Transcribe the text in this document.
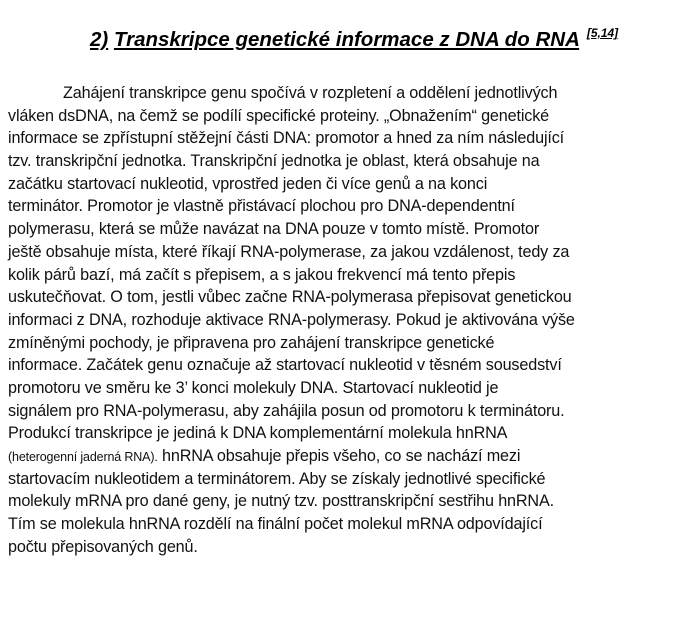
2) Transkripce genetické informace z DNA do RNA [5,14]
Zahájení transkripce genu spočívá v rozpletení a oddělení jednotlivých
vláken dsDNA, na čemž se podílí specifické proteiny. „Obnažením“ genetické
informace se zpřístupní stěžejní části DNA: promotor a hned za ním následující
tzv. transkripční jednotka. Transkripční jednotka je oblast, která obsahuje na
začátku startovací nukleotid, vprostřed jeden či více genů a na konci
terminátor. Promotor je vlastně přistávací plochou pro DNA-dependentní
polymerasu, která se může navázat na DNA pouze v tomto místě. Promotor
ještě obsahuje místa, které říkají RNA-polymerase, za jakou vzdálenost, tedy za
kolik párů bazí, má začít s přepisem, a s jakou frekvencí má tento přepis
uskutečňovat. O tom, jestli vůbec začne RNA-polymerasa přepisovat genetickou
informaci z DNA, rozhoduje aktivace RNA-polymerasy. Pokud je aktivována výše
zmíněnými pochody, je připravena pro zahájení transkripce genetické
informace. Začátek genu označuje až startovací nukleotid v těsném sousedství
promotoru ve směru ke 3’ konci molekuly DNA. Startovací nukleotid je
signálem pro RNA-polymerasu, aby zahájila posun od promotoru k terminátoru.
Produkcí transkripce je jediná k DNA komplementární molekula hnRNA
(heterogenní jaderná RNA). hnRNA obsahuje přepis všeho, co se nachází mezi
startovacím nukleotidem a terminátorem. Aby se získaly jednotlivé specifické
molekuly mRNA pro dané geny, je nutný tzv. posttranskripční sestřihu hnRNA.
Tím se molekula hnRNA rozdělí na finální počet molekul mRNA odpovídající
počtu přepisovaných genů.
